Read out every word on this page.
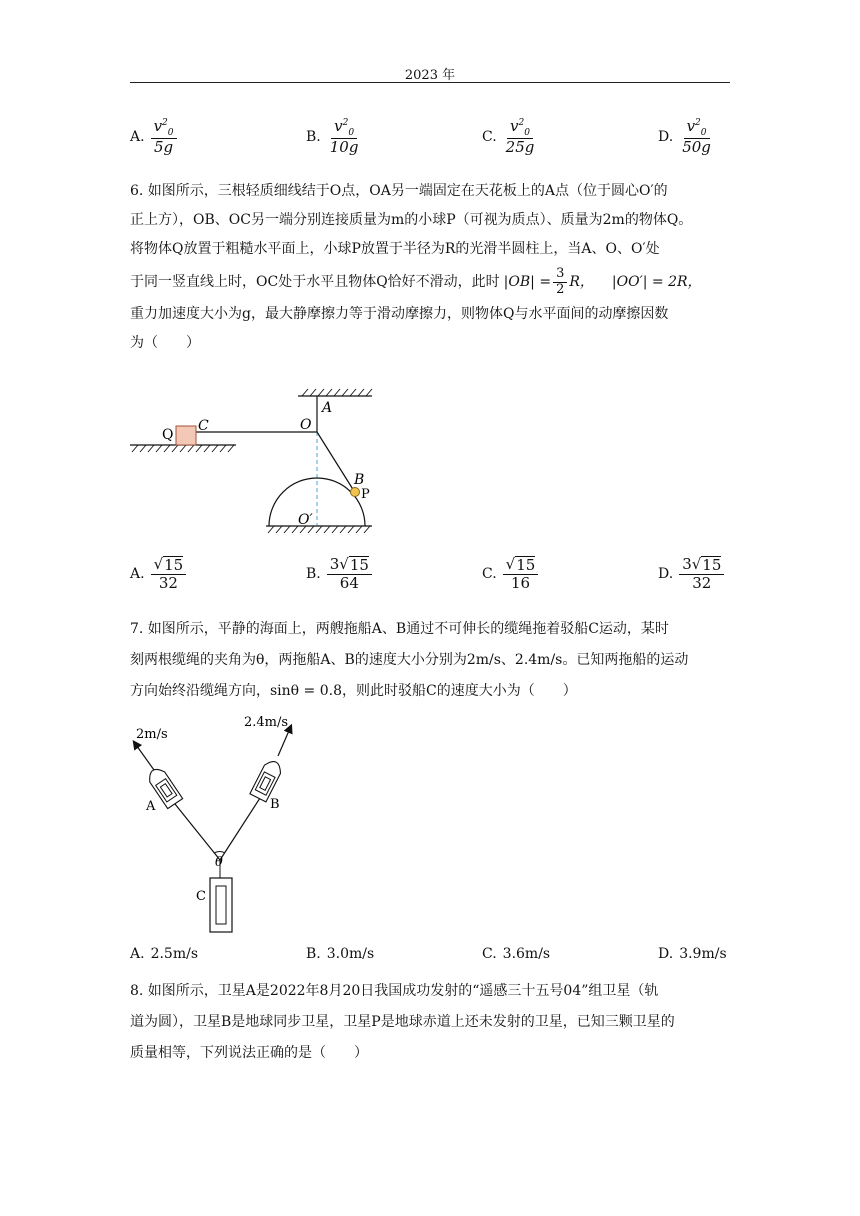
2023 年
A. $\frac{v^2_0}{5g}$	B. $\frac{v^2_0}{10g}$	C. $\frac{v^2_0}{25g}$	D. $\frac{v^2_0}{50g}$
6. 如图所示，三根轻质细线结于O点，OA另一端固定在天花板上的A点（位于圆心O′的
正上方），OB、OC另一端分别连接质量为m的小球P（可视为质点）、质量为2m的物体Q。
将物体Q放置于粗糙水平面上，小球P放置于半径为R的光滑半圆柱上，当A、O、O′处
于同一竖直线上时，OC处于水平且物体Q恰好不滑动，此时 $|OB| = \frac{3}{2}$ R， |OO′| = 2R，
重力加速度大小为g，最大静摩擦力等于滑动摩擦力，则物体Q与水平面间的动摩擦因数
为（　　）
A
O
C
Q
B
P
O′
A. $\frac{√ 15}{32}$	B. $\frac{3√ 15}{64}$	C. $\frac{√ 15}{16}$	D. $\frac{3√ 15}{32}$
7. 如图所示，平静的海面上，两艘拖船A、B通过不可伸长的缆绳拖着驳船C运动，某时
刻两根缆绳的夹角为θ，两拖船A、B的速度大小分别为2m/s、2.4m/s。已知两拖船的运动
方向始终沿缆绳方向，sinθ = 0.8，则此时驳船C的速度大小为（　　）
2m/s
2.4m/s
A	B
C
θ
A. 2.5m/s	B. 3.0m/s	C. 3.6m/s	D. 3.9m/s
8. 如图所示，卫星A是2022年8月20日我国成功发射的“遥感三十五号04”组卫星（轨
道为圆），卫星B是地球同步卫星，卫星P是地球赤道上还未发射的卫星，已知三颗卫星的
质量相等，下列说法正确的是（　　）
